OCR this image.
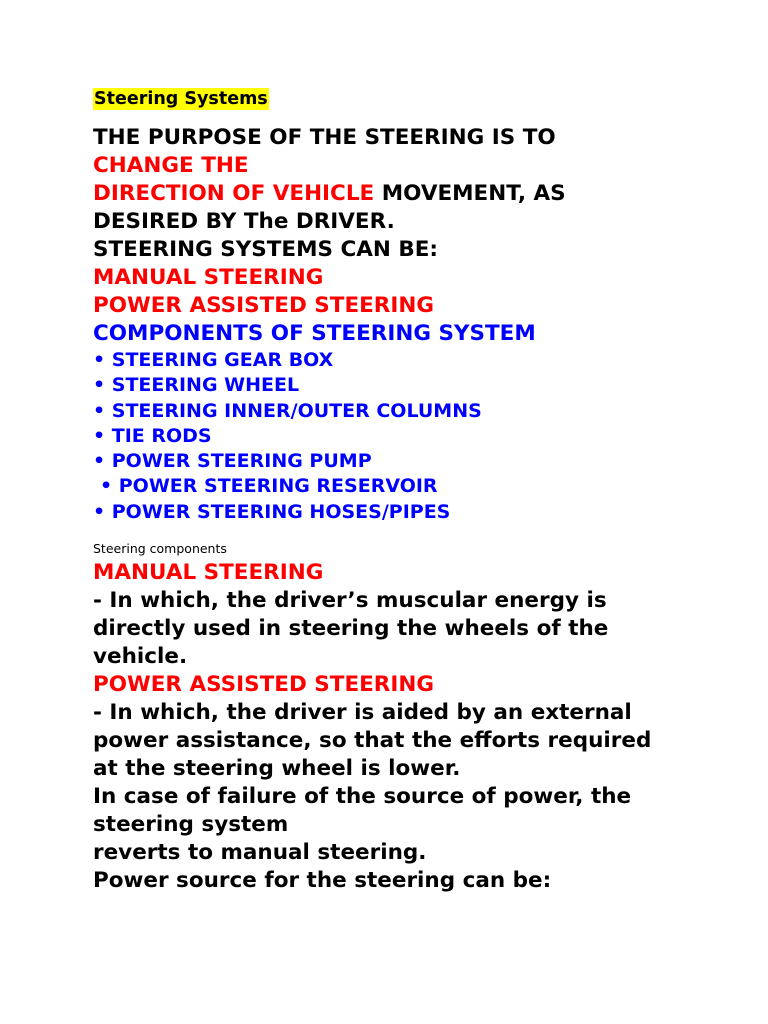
Steering Systems
THE PURPOSE OF THE STEERING IS TO
CHANGE THE
DIRECTION OF VEHICLE MOVEMENT, AS
DESIRED BY The DRIVER.
STEERING SYSTEMS CAN BE:
MANUAL STEERING
POWER ASSISTED STEERING
COMPONENTS OF STEERING SYSTEM
• STEERING GEAR BOX
• STEERING WHEEL
• STEERING INNER/OUTER COLUMNS
• TIE RODS
• POWER STEERING PUMP
• POWER STEERING RESERVOIR
• POWER STEERING HOSES/PIPES
Steering components
MANUAL STEERING
- In which, the driver’s muscular energy is
directly used in steering the wheels of the
vehicle.
POWER ASSISTED STEERING
- In which, the driver is aided by an external
power assistance, so that the efforts required
at the steering wheel is lower.
In case of failure of the source of power, the
steering system
reverts to manual steering.
Power source for the steering can be:
